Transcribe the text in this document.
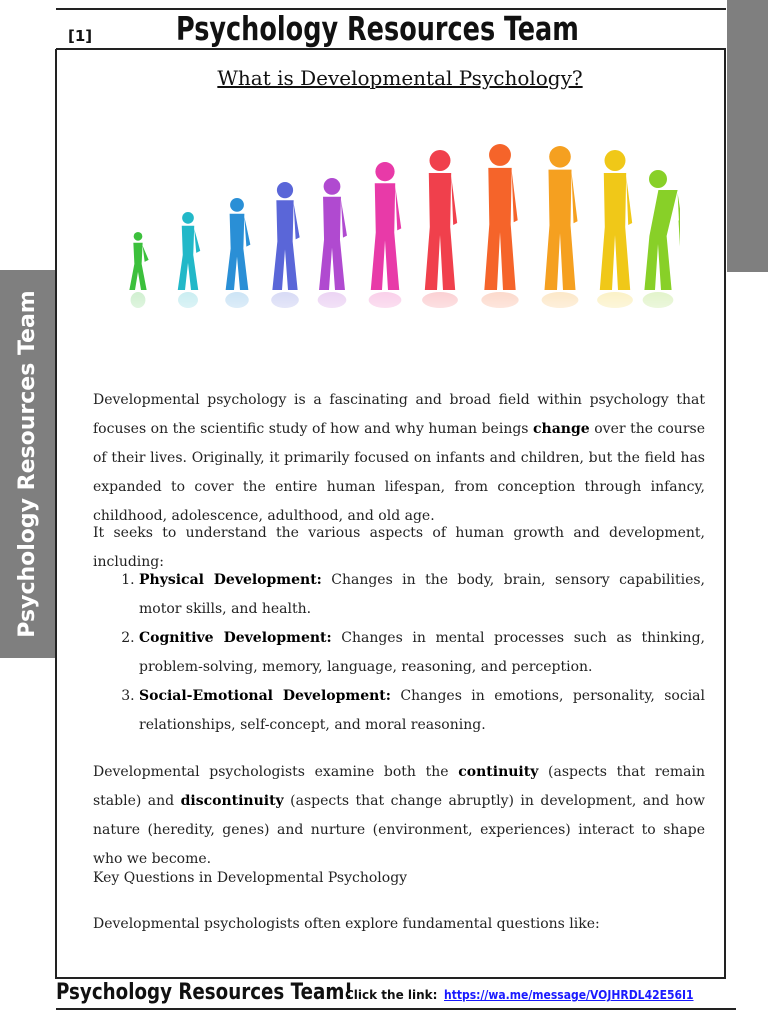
[1]	Psychology Resources Team
Psychology Resources Team
What is Developmental Psychology?
Developmental psychology is a fascinating and broad field within psychology that focuses on the scientific study of how and why human beings change over the course of their lives. Originally, it primarily focused on infants and children, but the field has expanded to cover the entire human lifespan, from conception through infancy, childhood, adolescence, adulthood, and old age.
It seeks to understand the various aspects of human growth and development, including:
1. Physical Development: Changes in the body, brain, sensory capabilities, motor skills, and health.
2. Cognitive Development: Changes in mental processes such as thinking, problem-solving, memory, language, reasoning, and perception.
3. Social-Emotional Development: Changes in emotions, personality, social relationships, self-concept, and moral reasoning.
Developmental psychologists examine both the continuity (aspects that remain stable) and discontinuity (aspects that change abruptly) in development, and how nature (heredity, genes) and nurture (environment, experiences) interact to shape who we become.
Key Questions in Developmental Psychology
Developmental psychologists often explore fundamental questions like:
Psychology Resources Team!
Click the link: https://wa.me/message/VOJHRDL42E56I1
